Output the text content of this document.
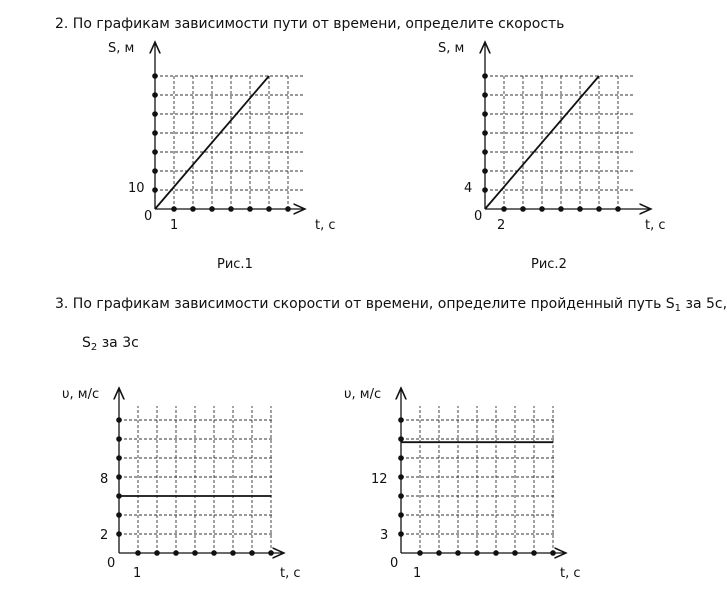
2. По графикам зависимости пути от времени, определите скорость
3. По графикам зависимости скорости от времени, определите пройденный путь $S_1$ за 5с,
$S_2$ за 3с
S, м
t, с
0
10
1
Рис.1
S, м
t, с
0
4
2
Рис.2
υ, м/с
t, с
0
8
2
1
υ, м/с
t, с
0
12
3
1
